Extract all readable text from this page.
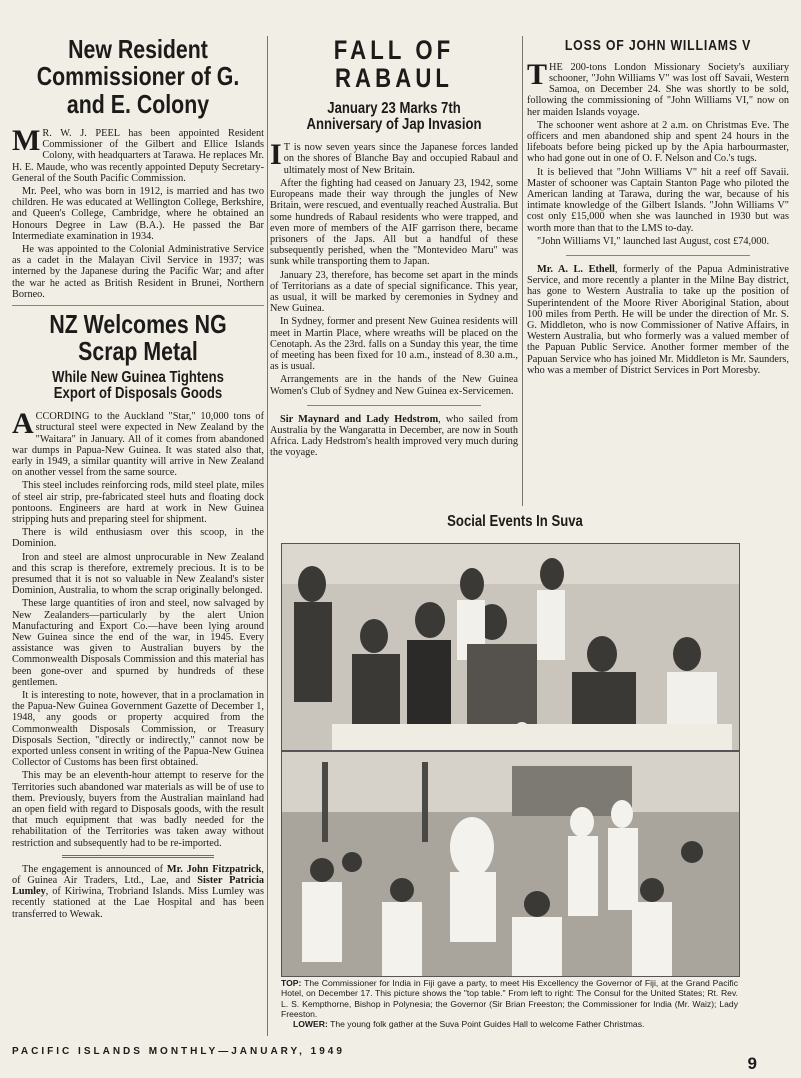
New Resident Commissioner of G. and E. Colony

M R. W. J. PEEL has been appointed Resident Commissioner of the Gilbert and Ellice Islands Colony, with headquarters at Tarawa. He replaces Mr. H. E. Maude, who was recently appointed Deputy Secretary-General of the South Pacific Commission.

Mr. Peel, who was born in 1912, is married and has two children. He was educated at Wellington College, Berkshire, and Queen's College, Cambridge, where he obtained an Honours Degree in Law (B.A.). He passed the Bar Intermediate examination in 1934.

He was appointed to the Colonial Administrative Service as a cadet in the Malayan Civil Service in 1937; was interned by the Japanese during the Pacific War; and after the war he acted as British Resident in Brunei, Northern Borneo.

NZ Welcomes NG Scrap Metal
While New Guinea Tightens Export of Disposals Goods

ACCORDING to the Auckland "Star," 10,000 tons of structural steel were expected in New Zealand by the "Waitara" in January. All of it comes from abandoned war dumps in Papua-New Guinea. It was stated also that, early in 1949, a similar quantity will arrive in New Zealand on another vessel from the same source.

This steel includes reinforcing rods, mild steel plate, miles of steel air strip, pre-fabricated steel huts and floating dock pontoons. Engineers are hard at work in New Guinea stripping huts and preparing steel for shipment.

There is wild enthusiasm over this scoop, in the Dominion.

Iron and steel are almost unprocurable in New Zealand and this scrap is therefore, extremely precious. It is to be presumed that it is not so valuable in New Zealand's sister Dominion, Australia, to whom the scrap originally belonged.

These large quantities of iron and steel, now salvaged by New Zealanders—particularly by the alert Union Manufacturing and Export Co.—have been lying around New Guinea since the end of the war, in 1945. Every assistance was given to Australian buyers by the Commonwealth Disposals Commission and this material has been gone-over and spurned by hundreds of these gentlemen.

It is interesting to note, however, that in a proclamation in the Papua-New Guinea Government Gazette of December 1, 1948, any goods or property acquired from the Commonwealth Disposals Commission, or Treasury Disposals Section, "directly or indirectly," cannot now be exported unless consent in writing of the Papua-New Guinea Collector of Customs has been first obtained.

This may be an eleventh-hour attempt to reserve for the Territories such abandoned war materials as will be of use to them. Previously, buyers from the Australian mainland had an open field with regard to Disposals goods, with the result that much equipment that was badly needed for the rehabilitation of the Territories was taken away without restriction and subsequently had to be re-imported.

The engagement is announced of Mr. John Fitzpatrick, of Guinea Air Traders, Ltd., Lae, and Sister Patricia Lumley, of Kiriwina, Trobriand Islands. Miss Lumley was recently stationed at the Lae Hospital and has been transferred to Wewak.

FALL OF RABAUL
January 23 Marks 7th Anniversary of Jap Invasion

I T is now seven years since the Japanese forces landed on the shores of Blanche Bay and occupied Rabaul and ultimately most of New Britain.

After the fighting had ceased on January 23, 1942, some Europeans made their way through the jungles of New Britain, were rescued, and eventually reached Australia. But some hundreds of Rabaul residents who were trapped, and even more of members of the AIF garrison there, became prisoners of the Japs. All but a handful of these subsequently perished, when the "Montevideo Maru" was sunk while transporting them to Japan.

January 23, therefore, has become set apart in the minds of Territorians as a date of special significance. This year, as usual, it will be marked by ceremonies in Sydney and New Guinea.

In Sydney, former and present New Guinea residents will meet in Martin Place, where wreaths will be placed on the Cenotaph. As the 23rd. falls on a Sunday this year, the time of meeting has been fixed for 10 a.m., instead of 8.30 a.m., as is usual.

Arrangements are in the hands of the New Guinea Women's Club of Sydney and New Guinea ex-Servicemen.

Sir Maynard and Lady Hedstrom, who sailed from Australia by the Wangaratta in December, are now in South Africa. Lady Hedstrom's health improved very much during the voyage.

LOSS OF JOHN WILLIAMS V

THE 200-tons London Missionary Society's auxiliary schooner, "John Williams V" was lost off Savaii, Western Samoa, on December 24. She was shortly to be sold, following the commissioning of "John Williams VI," now on her maiden Islands voyage.

The schooner went ashore at 2 a.m. on Christmas Eve. The officers and men abandoned ship and spent 24 hours in the lifeboats before being picked up by the Apia harbourmaster, who had gone out in one of O. F. Nelson and Co.'s tugs.

It is believed that "John Williams V" hit a reef off Savaii. Master of schooner was Captain Stanton Page who piloted the American landing at Tarawa, during the war, because of his intimate knowledge of the Gilbert Islands. "John Williams V" cost only £15,000 when she was launched in 1930 but was worth more than that to the LMS to-day.

"John Williams VI," launched last August, cost £74,000.

Mr. A. L. Ethell, formerly of the Papua Administrative Service, and more recently a planter in the Milne Bay district, has gone to Western Australia to take up the position of Superintendent of the Moore River Aboriginal Station, about 100 miles from Perth. He will be under the direction of Mr. S. G. Middleton, who is now Commissioner of Native Affairs, in Western Australia, but who formerly was a valued member of the Papuan Public Service. Another former member of the Papuan Service who has joined Mr. Middleton is Mr. Saunders, who was a member of District Services in Port Moresby.

Social Events In Suva

TOP: The Commissioner for India in Fiji gave a party, to meet His Excellency the Governor of Fiji, at the Grand Pacific Hotel, on December 17. This picture shows the "top table." From left to right: The Consul for the United States; Rt. Rev. L. S. Kempthorne, Bishop in Polynesia; the Governor (Sir Brian Freeston; the Commissioner for India (Mr. Waiz); Lady Freeston.
LOWER: The young folk gather at the Suva Point Guides Hall to welcome Father Christmas.

PACIFIC ISLANDS MONTHLY—JANUARY, 1949
9
